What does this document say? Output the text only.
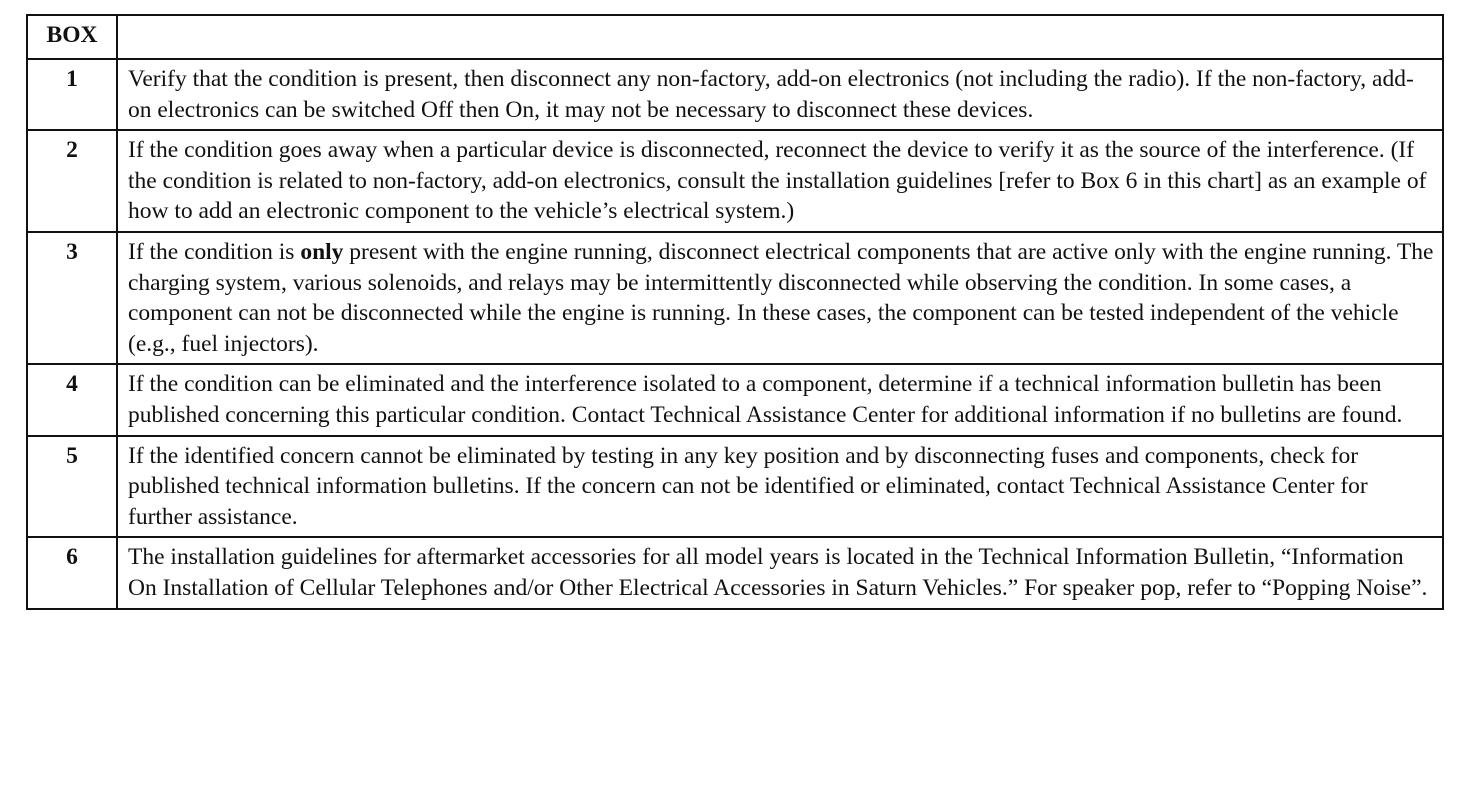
BOX	
1	Verify that the condition is present, then disconnect any non-factory, add-on electronics (not including the radio). If the non-factory, add-on electronics can be switched Off then On, it may not be necessary to disconnect these devices.
2	If the condition goes away when a particular device is disconnected, reconnect the device to verify it as the source of the interference. (If the condition is related to non-factory, add-on electronics, consult the installation guidelines [refer to Box 6 in this chart] as an example of how to add an electronic component to the vehicle’s electrical system.)
3	If the condition is only present with the engine running, disconnect electrical components that are active only with the engine running. The charging system, various solenoids, and relays may be intermittently disconnected while observing the condition. In some cases, a component can not be disconnected while the engine is running. In these cases, the component can be tested independent of the vehicle (e.g., fuel injectors).
4	If the condition can be eliminated and the interference isolated to a component, determine if a technical information bulletin has been published concerning this particular condition. Contact Technical Assistance Center for additional information if no bulletins are found.
5	If the identified concern cannot be eliminated by testing in any key position and by disconnecting fuses and components, check for published technical information bulletins. If the concern can not be identified or eliminated, contact Technical Assistance Center for further assistance.
6	The installation guidelines for aftermarket accessories for all model years is located in the Technical Information Bulletin, “Information On Installation of Cellular Telephones and/or Other Electrical Accessories in Saturn Vehicles.” For speaker pop, refer to “Popping Noise”.
